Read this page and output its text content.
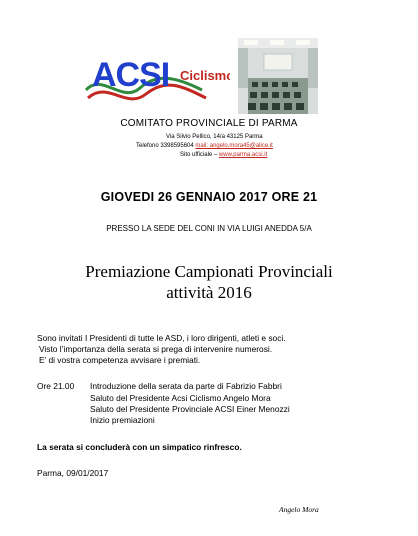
ACSI Ciclismo
COMITATO PROVINCIALE DI PARMA
Via Silvio Pellico, 14/a 43125 Parma
Telefono 3398595604 mail: angelo.mora45@alice.it
Sito ufficiale – www.parma.acsi.it
GIOVEDI 26 GENNAIO 2017 ORE 21
PRESSO LA SEDE DEL CONI IN VIA LUIGI ANEDDA 5/A
Premiazione Campionati Provinciali
attività 2016
Sono invitati I Presidenti di tutte le ASD, i loro dirigenti, atleti e soci.
Visto l’importanza della serata si prega di intervenire numerosi.
E’ di vostra competenza avvisare i premiati.
Ore 21.00 Introduzione della serata da parte di Fabrizio Fabbri
Saluto del Presidente Acsi Ciclismo Angelo Mora
Saluto del Presidente Provinciale ACSI Einer Menozzi
Inizio premiazioni
La serata si concluderà con un simpatico rinfresco.
Parma, 09/01/2017
Angelo Mora
